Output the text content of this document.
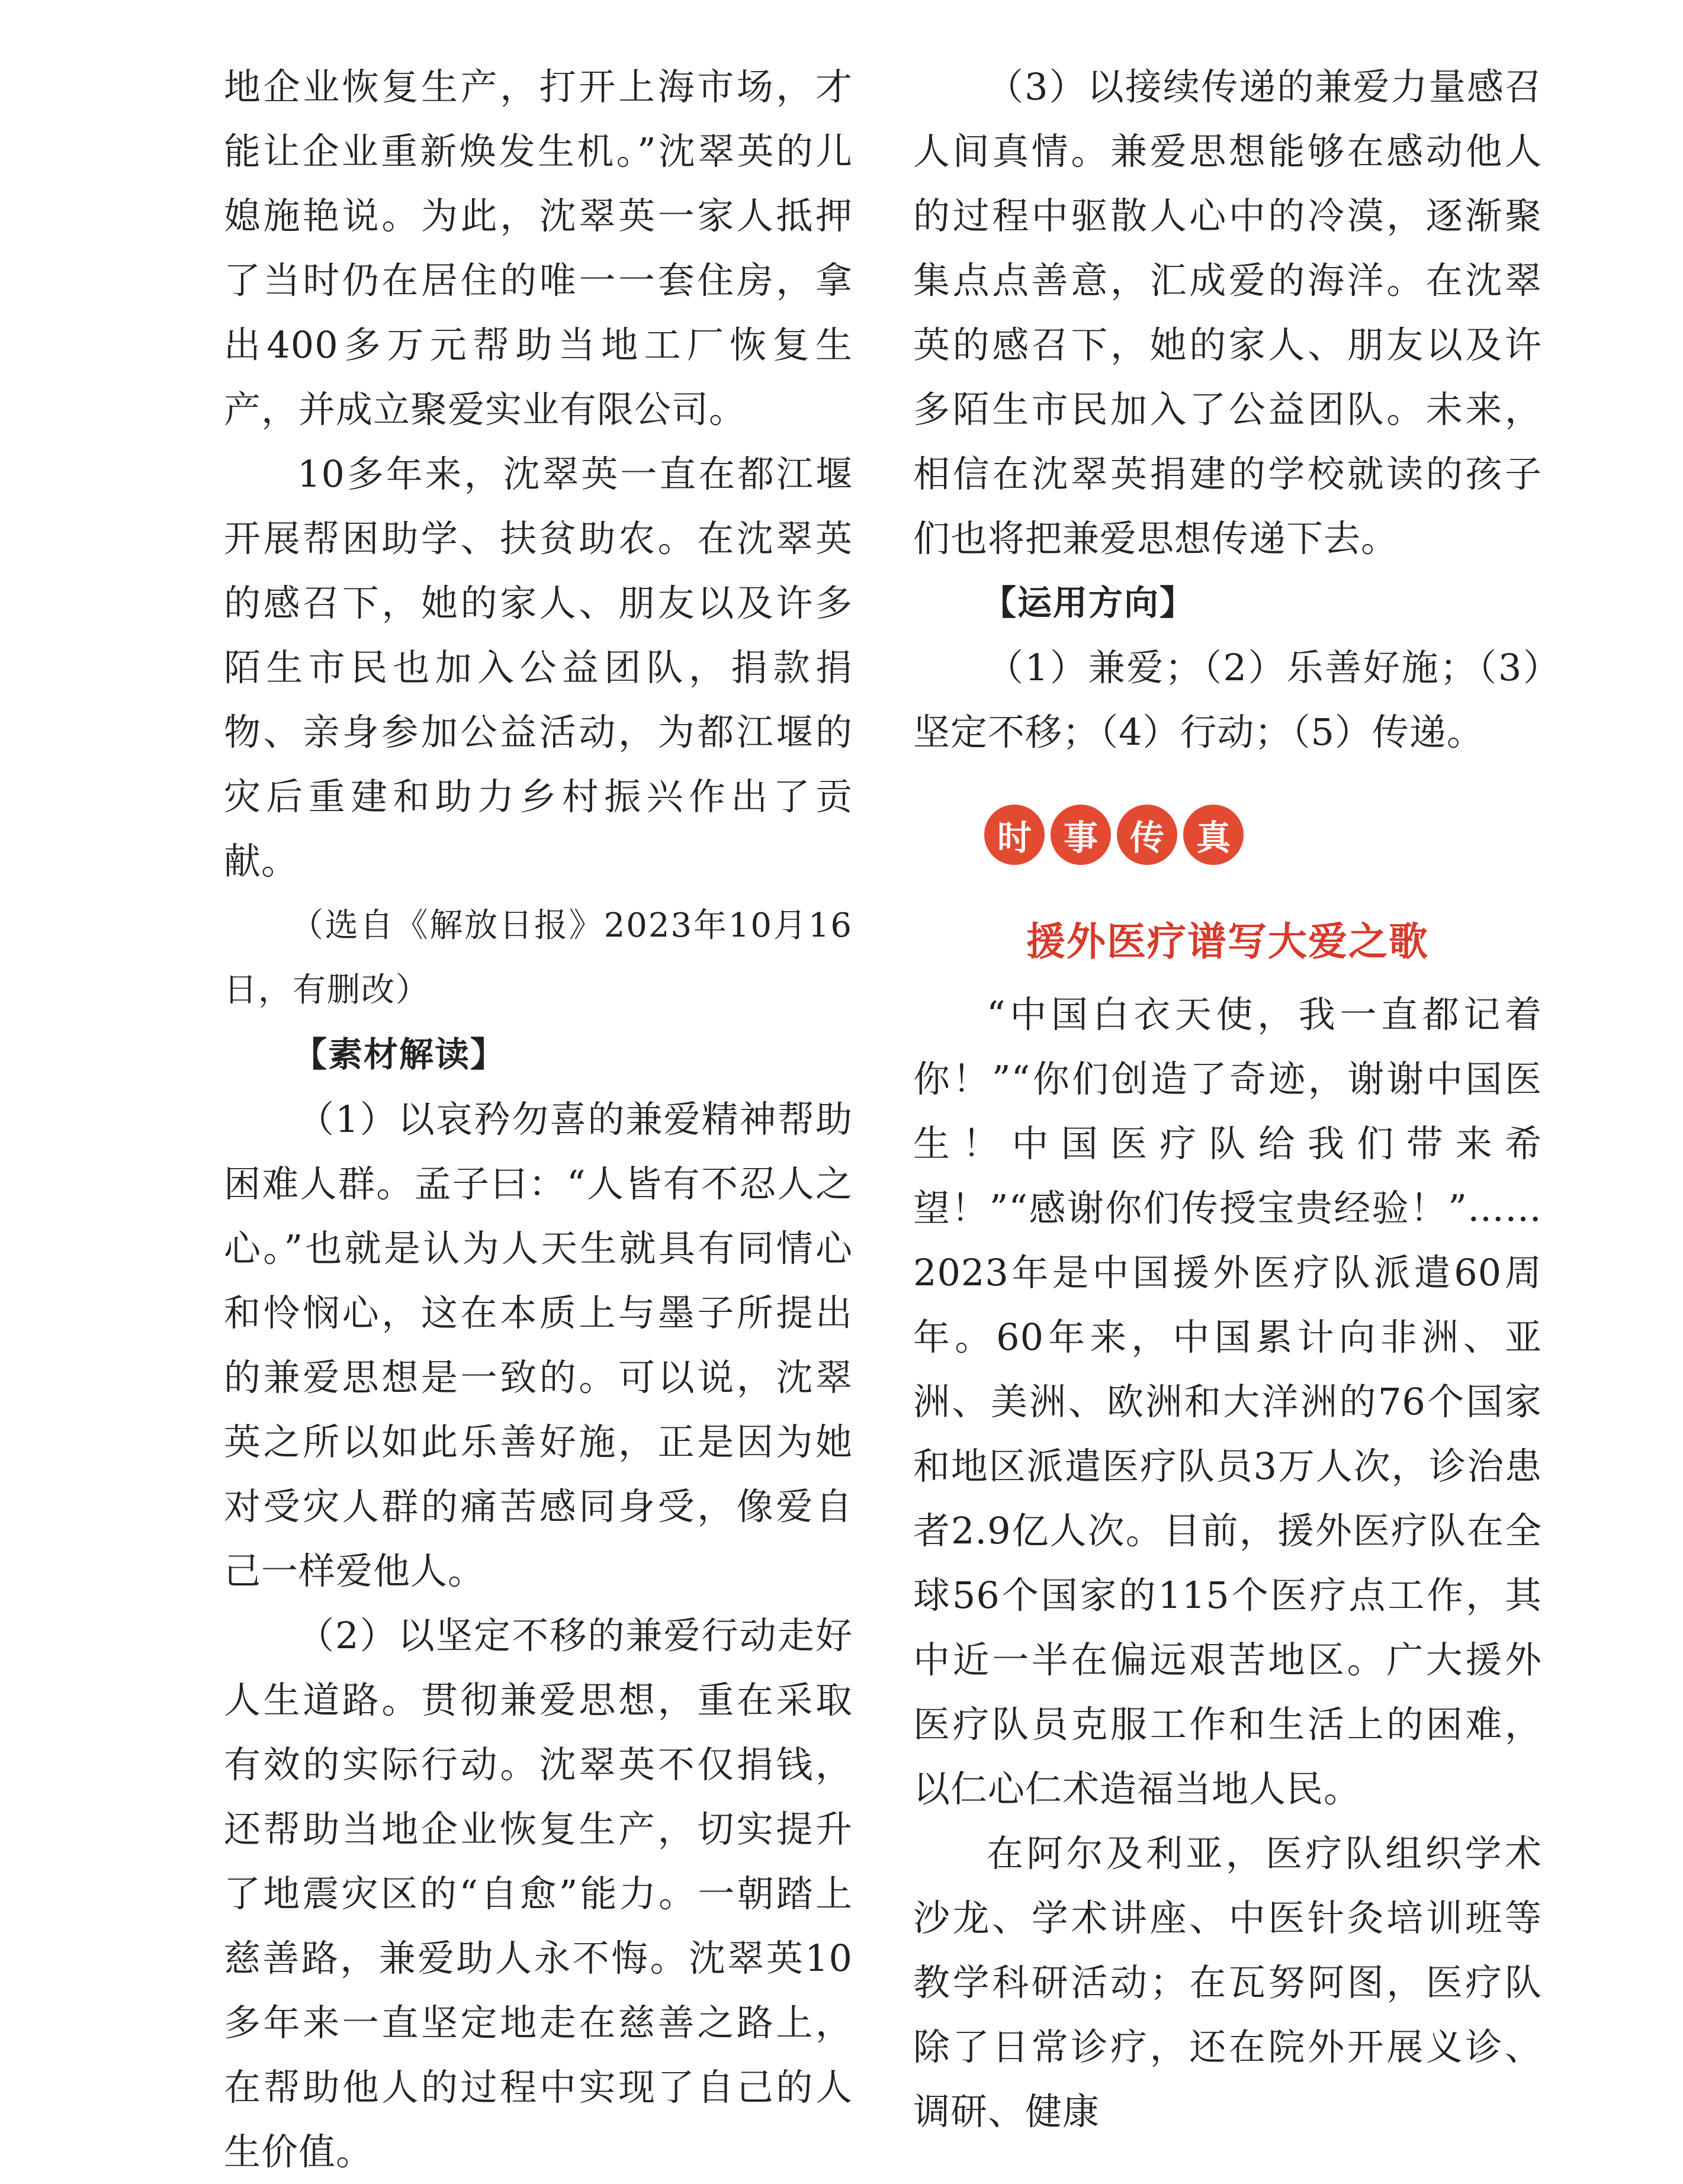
地企业恢复生产，打开上海市场，才能让企业重新焕发生机。”沈翠英的儿媳施艳说。为此，沈翠英一家人抵押了当时仍在居住的唯一一套住房，拿出400多万元帮助当地工厂恢复生产，并成立聚爱实业有限公司。

10多年来，沈翠英一直在都江堰开展帮困助学、扶贫助农。在沈翠英的感召下，她的家人、朋友以及许多陌生市民也加入公益团队，捐款捐物、亲身参加公益活动，为都江堰的灾后重建和助力乡村振兴作出了贡献。

（选自《解放日报》2023年10月16日，有删改）

【素材解读】

（1）以哀矜勿喜的兼爱精神帮助困难人群。孟子曰：“人皆有不忍人之心。”也就是认为人天生就具有同情心和怜悯心，这在本质上与墨子所提出的兼爱思想是一致的。可以说，沈翠英之所以如此乐善好施，正是因为她对受灾人群的痛苦感同身受，像爱自己一样爱他人。

（2）以坚定不移的兼爱行动走好人生道路。贯彻兼爱思想，重在采取有效的实际行动。沈翠英不仅捐钱，还帮助当地企业恢复生产，切实提升了地震灾区的“自愈”能力。一朝踏上慈善路，兼爱助人永不悔。沈翠英10多年来一直坚定地走在慈善之路上，在帮助他人的过程中实现了自己的人生价值。

（3）以接续传递的兼爱力量感召人间真情。兼爱思想能够在感动他人的过程中驱散人心中的冷漠，逐渐聚集点点善意，汇成爱的海洋。在沈翠英的感召下，她的家人、朋友以及许多陌生市民加入了公益团队。未来，相信在沈翠英捐建的学校就读的孩子们也将把兼爱思想传递下去。

【运用方向】

（1）兼爱；（2）乐善好施；（3）坚定不移；（4）行动；（5）传递。

时 事 传 真
援外医疗谱写大爱之歌

“中国白衣天使，我一直都记着你！”“你们创造了奇迹，谢谢中国医生！中国医疗队给我们带来希望！”“感谢你们传授宝贵经验！”……2023年是中国援外医疗队派遣60周年。60年来，中国累计向非洲、亚洲、美洲、欧洲和大洋洲的76个国家和地区派遣医疗队员3万人次，诊治患者2.9亿人次。目前，援外医疗队在全球56个国家的115个医疗点工作，其中近一半在偏远艰苦地区。广大援外医疗队员克服工作和生活上的困难，以仁心仁术造福当地人民。

在阿尔及利亚，医疗队组织学术沙龙、学术讲座、中医针灸培训班等教学科研活动；在瓦努阿图，医疗队除了日常诊疗，还在院外开展义诊、调研、健康
